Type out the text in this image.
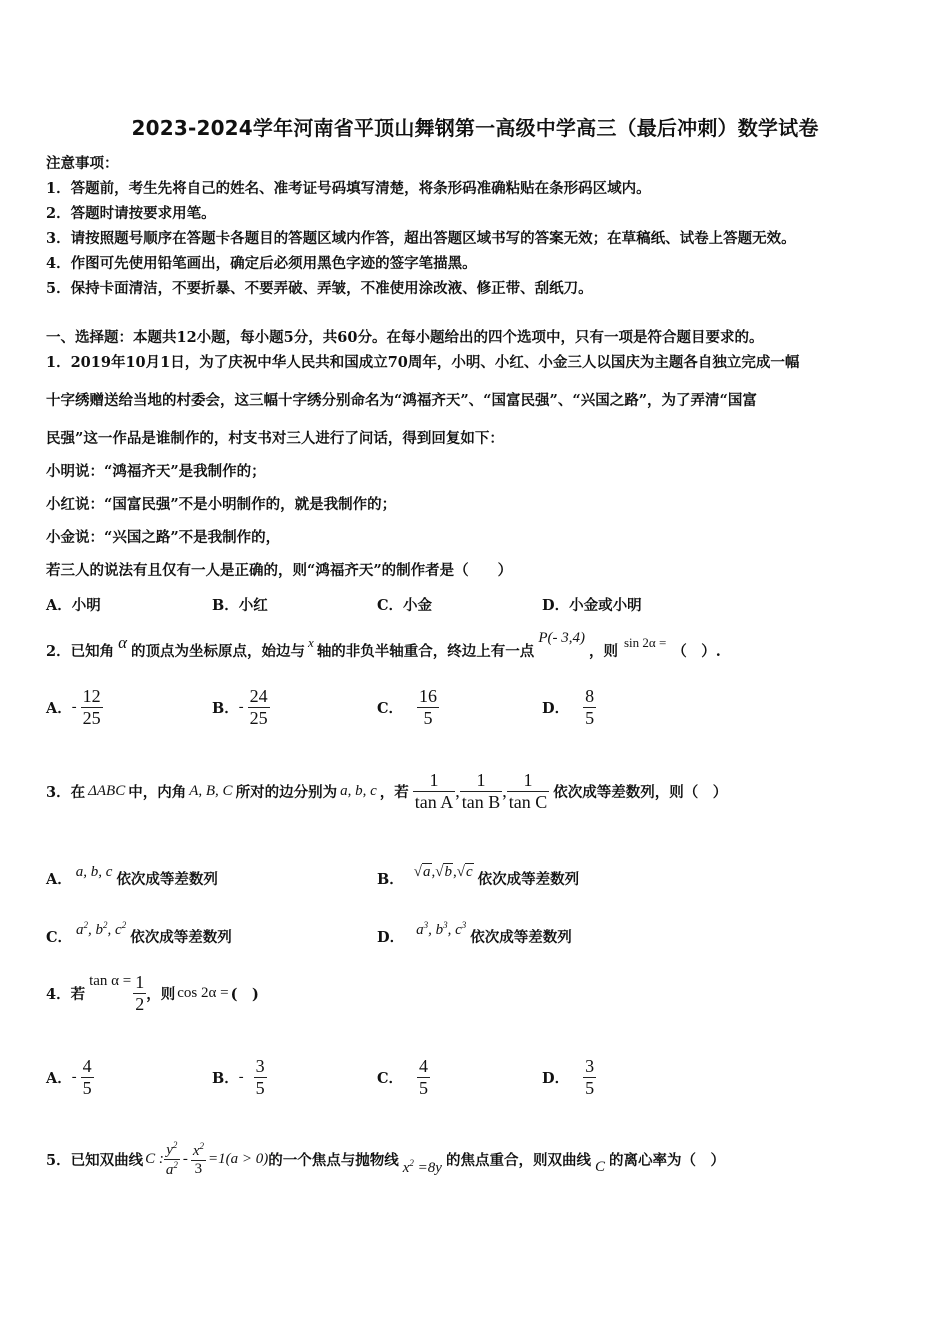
2023-2024学年河南省平顶山舞钢第一高级中学高三（最后冲刺）数学试卷
注意事项：
1．答题前，考生先将自己的姓名、准考证号码填写清楚，将条形码准确粘贴在条形码区域内。
2．答题时请按要求用笔。
3．请按照题号顺序在答题卡各题目的答题区域内作答，超出答题区域书写的答案无效；在草稿纸、试卷上答题无效。
4．作图可先使用铅笔画出，确定后必须用黑色字迹的签字笔描黑。
5．保持卡面清洁，不要折暴、不要弄破、弄皱，不准使用涂改液、修正带、刮纸刀。
一、选择题：本题共12小题，每小题5分，共60分。在每小题给出的四个选项中，只有一项是符合题目要求的。
1．2019年10月1日，为了庆祝中华人民共和国成立70周年，小明、小红、小金三人以国庆为主题各自独立完成一幅
十字绣赠送给当地的村委会，这三幅十字绣分别命名为“鸿福齐天”、“国富民强”、“兴国之路”，为了弄清“国富
民强”这一作品是谁制作的，村支书对三人进行了问话，得到回复如下：
小明说：“鸿福齐天”是我制作的；
小红说：“国富民强”不是小明制作的，就是我制作的；
小金说：“兴国之路”不是我制作的，
若三人的说法有且仅有一人是正确的，则“鸿福齐天”的制作者是（　　）
A．小明	B．小红	C．小金	D．小金或小明
2．已知角 α 的顶点为坐标原点，始边与x轴的非负半轴重合，终边上有一点P(- 3,4)，则sin 2α =（　）.
A．- $\frac{12}{25}$	B．- $\frac{24}{25}$	C． $\frac{16}{5}$	D． $\frac{8}{5}$
3．在 ΔABC 中，内角 A, B, C 所对的边分别为 a, b, c ，若 $\frac{1}{\text{tan A}}$ , $\frac{1}{\text{tan B}}$ , $\frac{1}{\text{tan C}}$ 依次成等差数列，则（　）
A． a, b, c 依次成等差数列	B． √a,√b,√c 依次成等差数列
C． $a^2$, $b^2$, $c^2$依次成等差数列	D． $a^3$, $b^3$, $c^3$依次成等差数列
4．若$\tan \alpha = \frac{1}{2}$ ，则 cos 2α = (　)
A．- $\frac{4}{5}$	B．- $\frac{3}{5}$	C． $\frac{4}{5}$	D． $\frac{3}{5}$
5．已知双曲线 C : $\frac{y^2}{a^2} - \frac{x^2}{3} =1(a > 0)$的一个焦点与抛物线 $x^2 =8y$ 的焦点重合，则双曲线 C 的离心率为（　）
